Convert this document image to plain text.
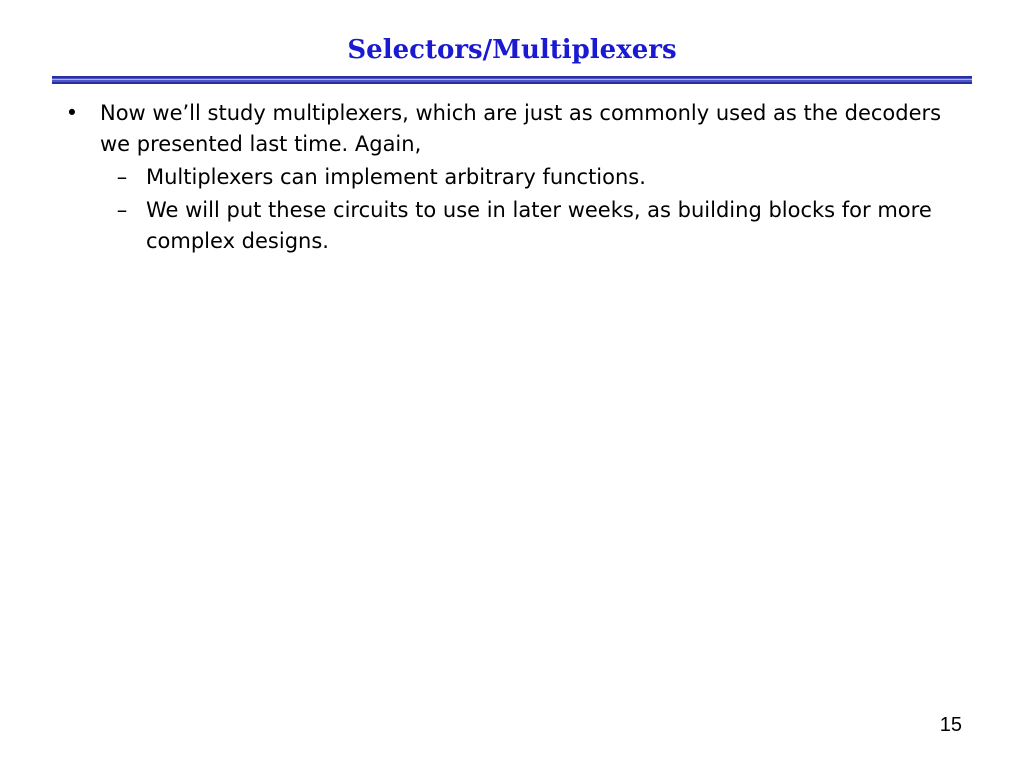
Selectors/Multiplexers

• Now we’ll study multiplexers, which are just as commonly used as the decoders we presented last time. Again,

– Multiplexers can implement arbitrary functions.

– We will put these circuits to use in later weeks, as building blocks for more complex designs.

15
